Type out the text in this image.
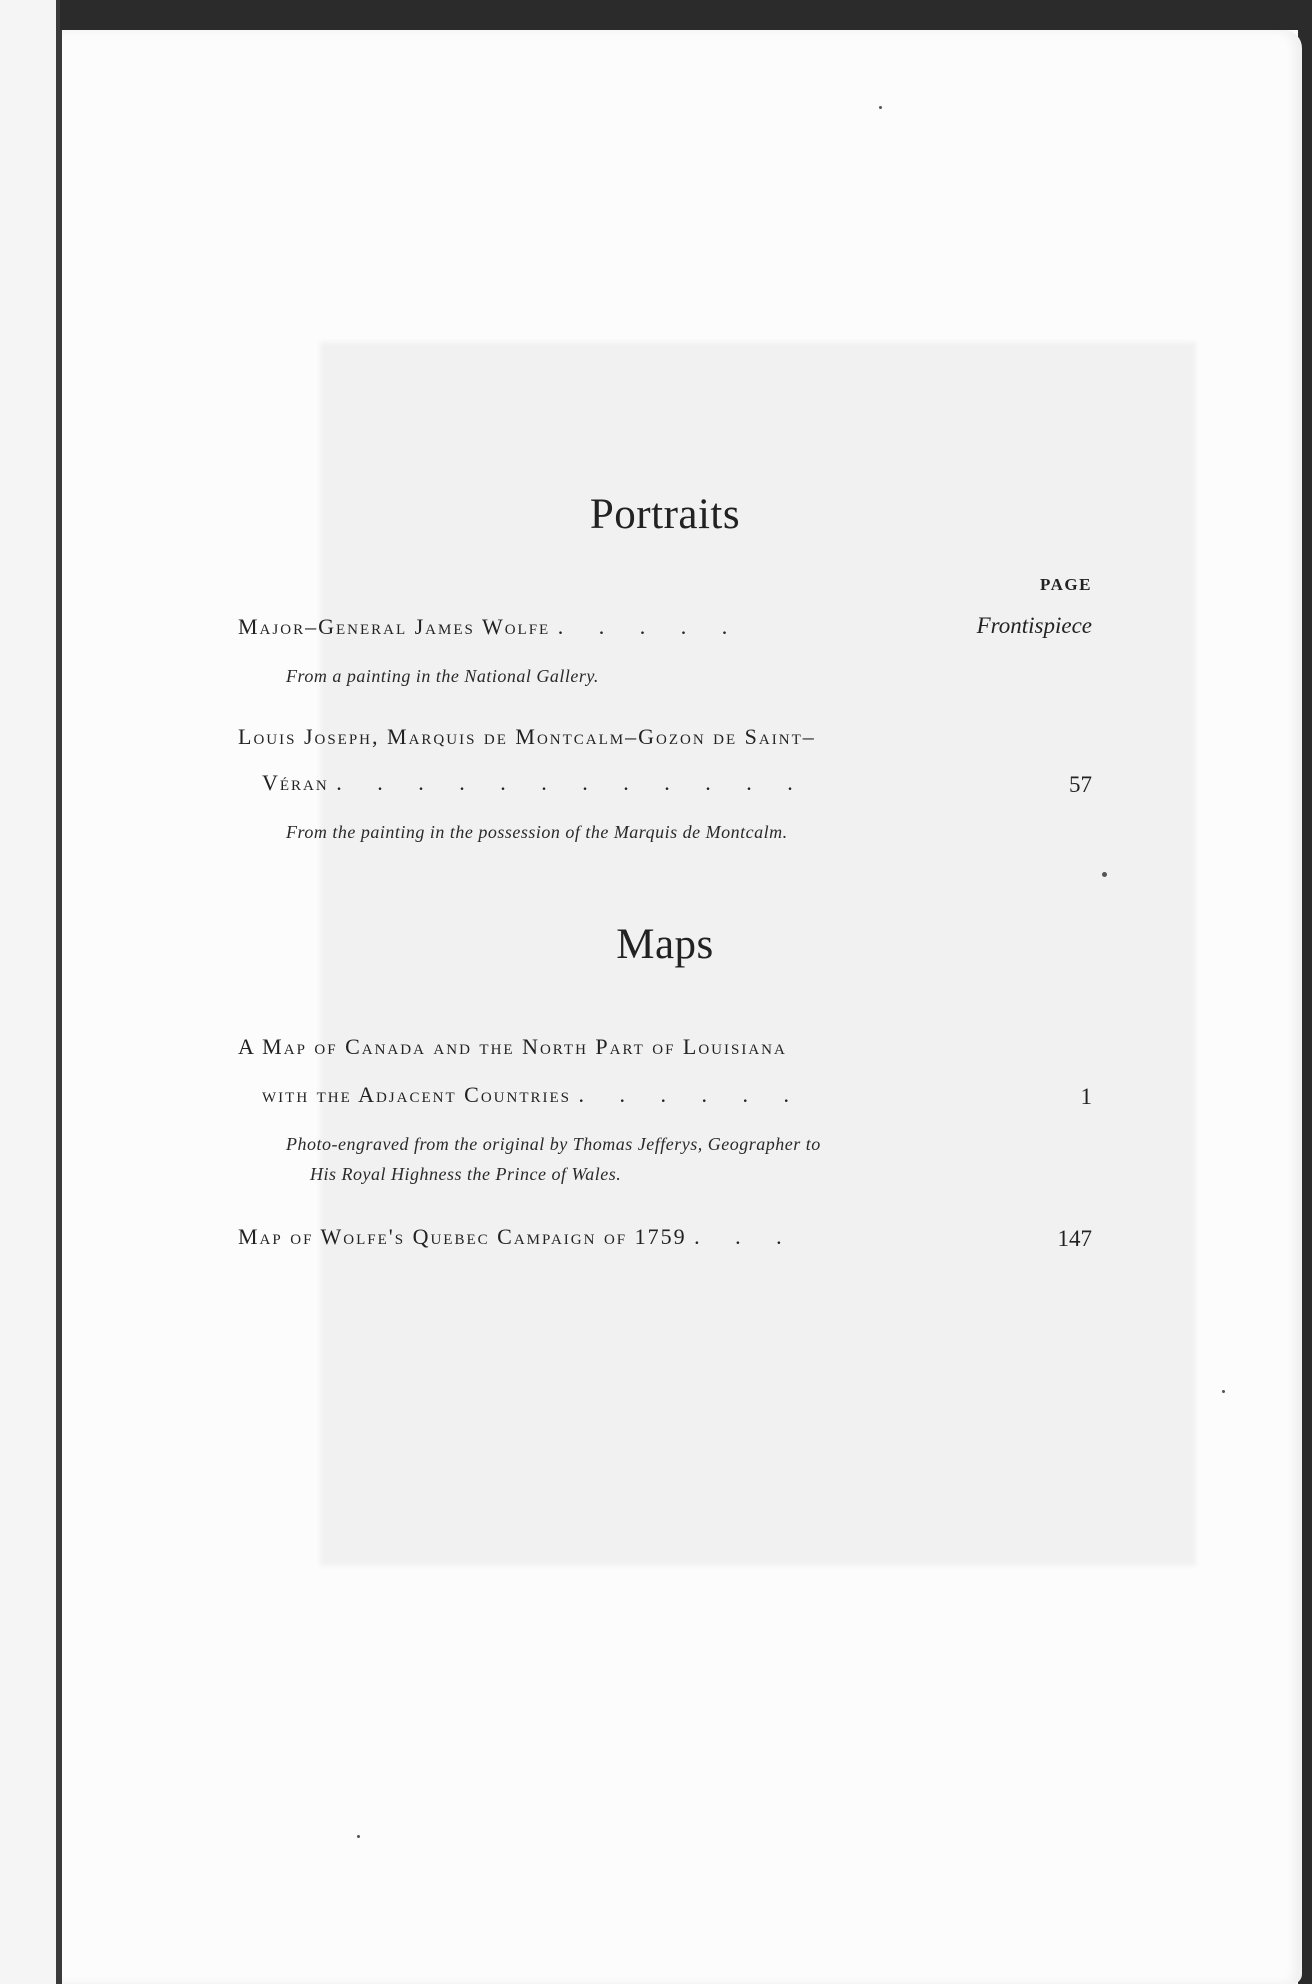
Portraits
PAGE
Major–General James Wolfe . . . . .	Frontispiece
From a painting in the National Gallery.
Louis Joseph, Marquis de Montcalm–Gozon de Saint–
Véran . . . . . . . . . . . .	57
From the painting in the possession of the Marquis de Montcalm.
Maps
A Map of Canada and the North Part of Louisiana
with the Adjacent Countries . . . . . .	1
Photo-engraved from the original by Thomas Jefferys, Geographer to
His Royal Highness the Prince of Wales.
Map of Wolfe's Quebec Campaign of 1759 . . .	147
